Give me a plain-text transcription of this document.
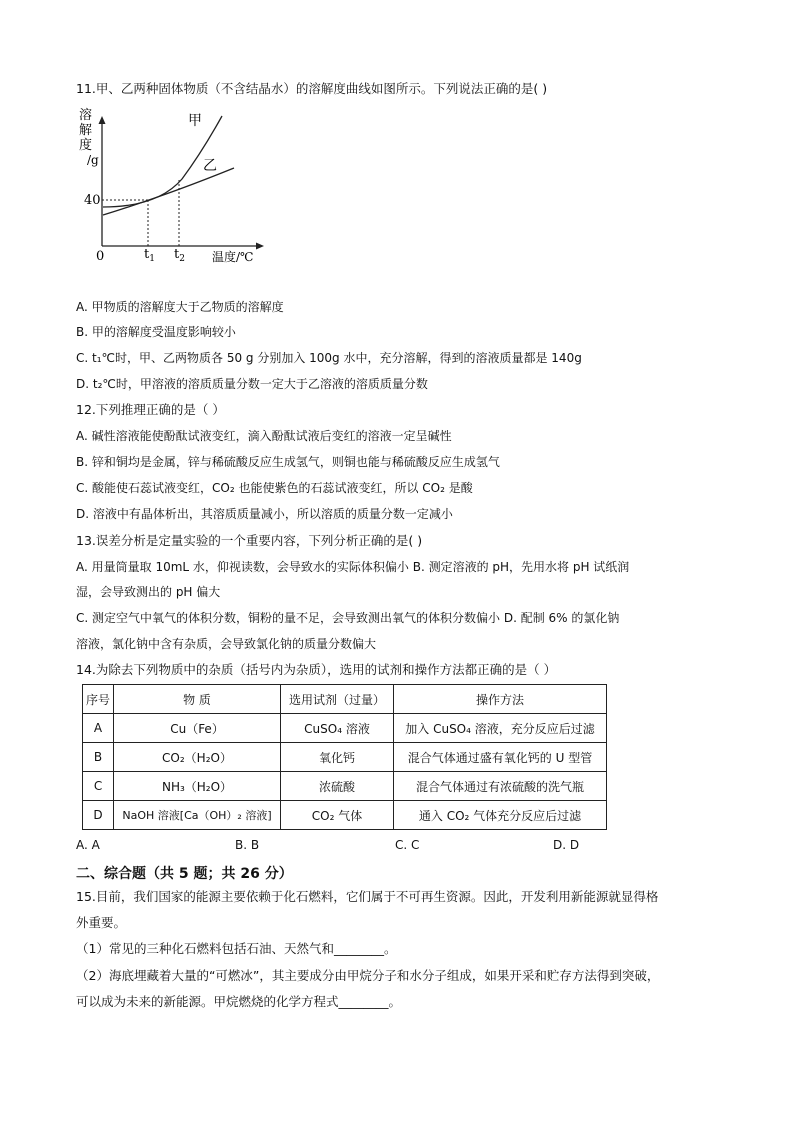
11.甲、乙两种固体物质（不含结晶水）的溶解度曲线如图所示。下列说法正确的是( )
溶
解
度
/g
40
0	$t_1$ $t_2$ 温度/℃
甲
乙
A. 甲物质的溶解度大于乙物质的溶解度
B. 甲的溶解度受温度影响较小
C. t₁℃时，甲、乙两物质各 50 g 分别加入 100g 水中，充分溶解，得到的溶液质量都是 140g
D. t₂℃时，甲溶液的溶质质量分数一定大于乙溶液的溶质质量分数
12.下列推理正确的是（ ）
A. 碱性溶液能使酚酞试液变红，滴入酚酞试液后变红的溶液一定呈碱性
B. 锌和铜均是金属，锌与稀硫酸反应生成氢气，则铜也能与稀硫酸反应生成氢气
C. 酸能使石蕊试液变红，CO₂ 也能使紫色的石蕊试液变红，所以 CO₂ 是酸
D. 溶液中有晶体析出，其溶质质量减小，所以溶质的质量分数一定减小
13.误差分析是定量实验的一个重要内容，下列分析正确的是( )
A. 用量筒量取 10mL 水，仰视读数，会导致水的实际体积偏小 B. 测定溶液的 pH，先用水将 pH 试纸润
湿，会导致测出的 pH 偏大
C. 测定空气中氧气的体积分数，铜粉的量不足，会导致测出氧气的体积分数偏小 D. 配制 6% 的氯化钠
溶液，氯化钠中含有杂质，会导致氯化钠的质量分数偏大
14.为除去下列物质中的杂质（括号内为杂质），选用的试剂和操作方法都正确的是（ ）
序号	物 质	选用试剂（过量）	操作方法
A	Cu（Fe）	CuSO₄ 溶液	加入 CuSO₄ 溶液，充分反应后过滤
B	CO₂（H₂O）	氧化钙	混合气体通过盛有氧化钙的 U 型管
C	NH₃（H₂O）	浓硫酸	混合气体通过有浓硫酸的洗气瓶
D	NaOH 溶液[Ca（OH）₂ 溶液]	CO₂ 气体	通入 CO₂ 气体充分反应后过滤
A. A	B. B	C. C	D. D
二、综合题（共 5 题；共 26 分）
15.目前，我们国家的能源主要依赖于化石燃料，它们属于不可再生资源。因此，开发利用新能源就显得格
外重要。
（1）常见的三种化石燃料包括石油、天然气和________。
（2）海底埋藏着大量的“可燃冰”，其主要成分由甲烷分子和水分子组成，如果开采和贮存方法得到突破，
可以成为未来的新能源。甲烷燃烧的化学方程式________。
